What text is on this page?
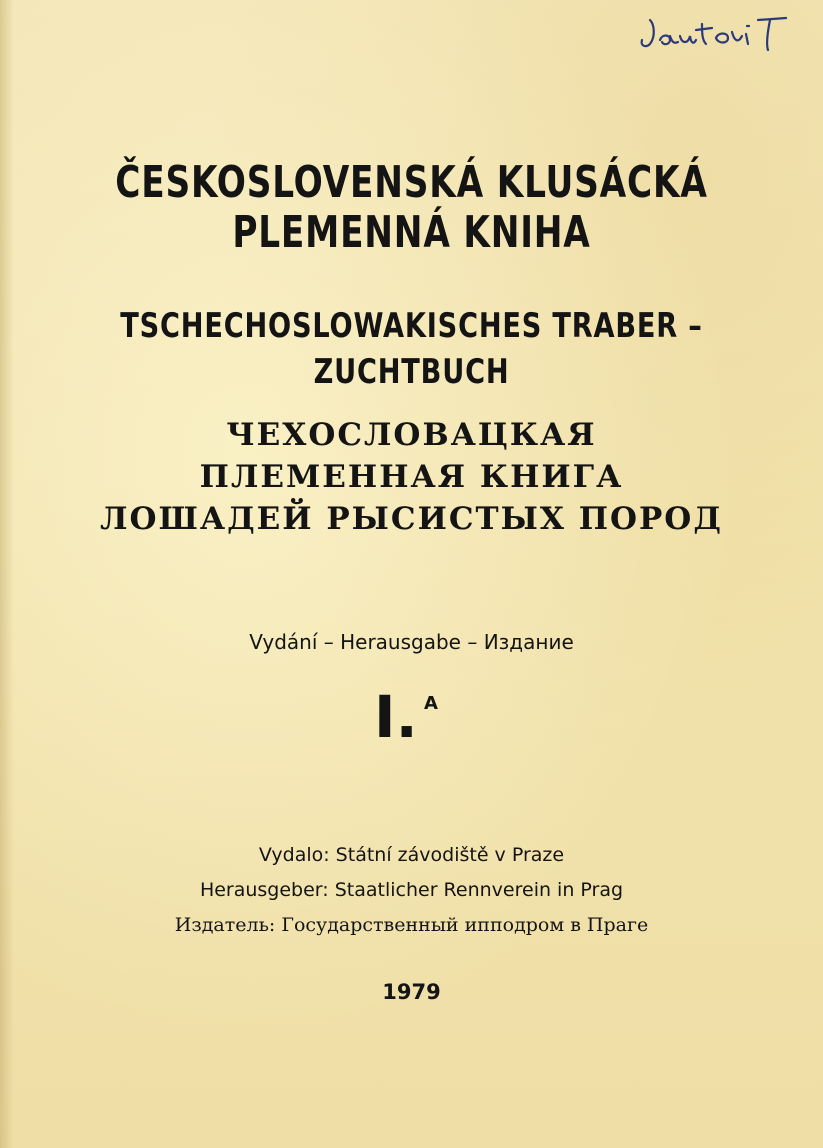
ČESKOSLOVENSKÁ KLUSÁCKÁ
PLEMENNÁ KNIHA
TSCHECHOSLOWAKISCHES TRABER –
ZUCHTBUCH
ЧЕХОСЛОВАЦКАЯ
ПЛЕМЕННАЯ КНИГА
ЛОШАДЕЙ РЫСИСТЫХ ПОРОД
Vydání – Herausgabe – Издание
I. A
Vydalo: Státní závodiště v Praze
Herausgeber: Staatlicher Rennverein in Prag
Издатель: Государственный ипподром в Праге
1979
